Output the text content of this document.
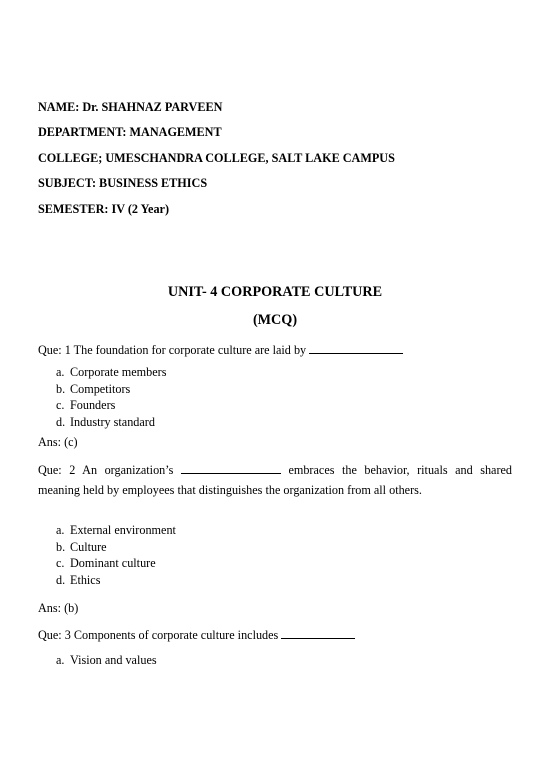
NAME: Dr. SHAHNAZ PARVEEN
DEPARTMENT: MANAGEMENT
COLLEGE; UMESCHANDRA COLLEGE, SALT LAKE CAMPUS
SUBJECT: BUSINESS ETHICS
SEMESTER: IV (2 Year)
UNIT- 4 CORPORATE CULTURE
(MCQ)
Que: 1 The foundation for corporate culture are laid by
a. Corporate members
b. Competitors
c. Founders
d. Industry standard
Ans: (c)
Que: 2 An organization’s	embraces the behavior, rituals and shared meaning held by employees that distinguishes the organization from all others.
a. External environment
b. Culture
c. Dominant culture
d. Ethics
Ans: (b)
Que: 3 Components of corporate culture includes
a. Vision and values
